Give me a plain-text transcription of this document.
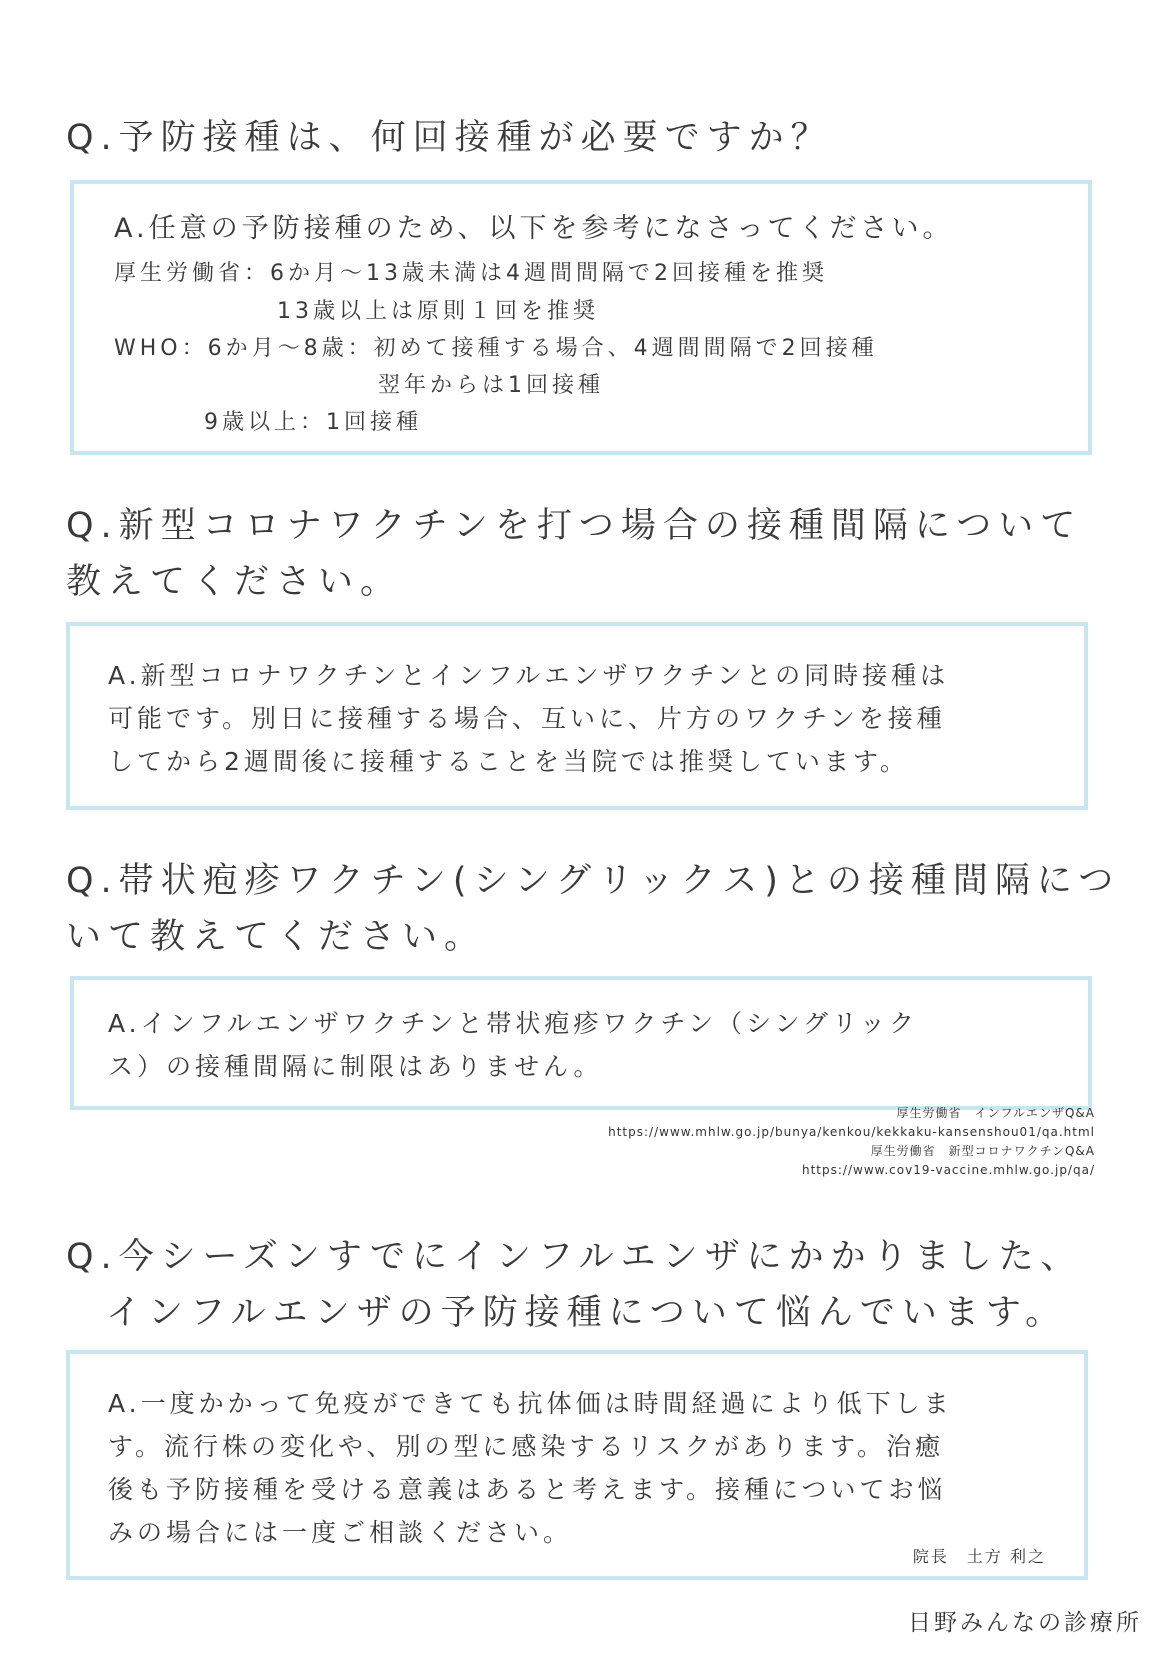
Q.予防接種は、何回接種が必要ですか？
A.任意の予防接種のため、以下を参考になさってください。
厚生労働省：6か月～13歳未満は4週間間隔で2回接種を推奨
13歳以上は原則１回を推奨
WHO：6か月～8歳：初めて接種する場合、4週間間隔で2回接種
翌年からは1回接種
9歳以上：1回接種
Q.新型コロナワクチンを打つ場合の接種間隔について
教えてください。
A.新型コロナワクチンとインフルエンザワクチンとの同時接種は
可能です。別日に接種する場合、互いに、片方のワクチンを接種
してから2週間後に接種することを当院では推奨しています。
Q.帯状疱疹ワクチン(シングリックス)との接種間隔につ
いて教えてください。
A.インフルエンザワクチンと帯状疱疹ワクチン（シングリック
ス）の接種間隔に制限はありません。
厚生労働省　インフルエンザQ&A
https://www.mhlw.go.jp/bunya/kenkou/kekkaku-kansenshou01/qa.html
厚生労働省　新型コロナワクチンQ&A
https://www.cov19-vaccine.mhlw.go.jp/qa/
Q.今シーズンすでにインフルエンザにかかりました、
インフルエンザの予防接種について悩んでいます。
A.一度かかって免疫ができても抗体価は時間経過により低下しま
す。流行株の変化や、別の型に感染するリスクがあります。治癒
後も予防接種を受ける意義はあると考えます。接種についてお悩
みの場合には一度ご相談ください。
院長　土方 利之
日野みんなの診療所
